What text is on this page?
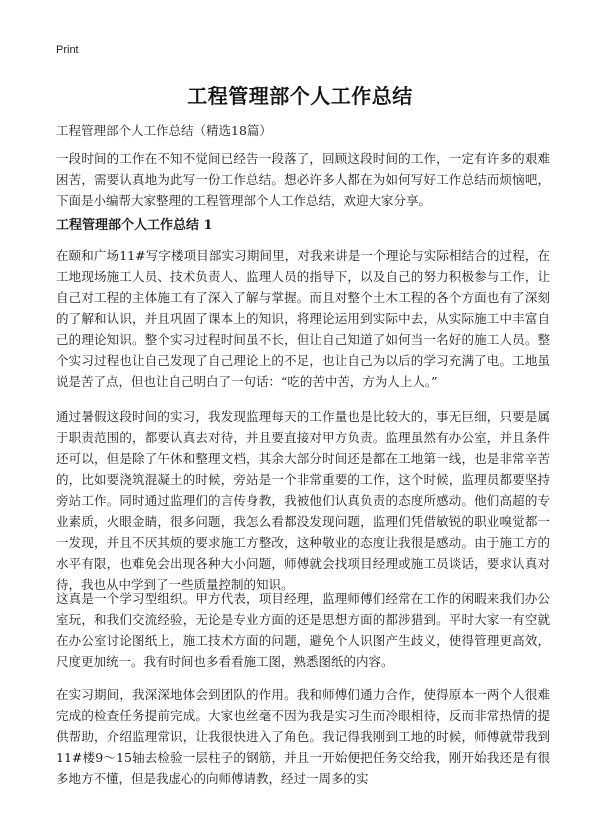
Print
工程管理部个人工作总结
工程管理部个人工作总结（精选18篇）

一段时间的工作在不知不觉间已经告一段落了，回顾这段时间的工作，一定有许多的艰难困苦，需要认真地为此写一份工作总结。想必许多人都在为如何写好工作总结而烦恼吧，下面是小编帮大家整理的工程管理部个人工作总结，欢迎大家分享。

工程管理部个人工作总结 1

在颐和广场11#写字楼项目部实习期间里，对我来讲是一个理论与实际相结合的过程，在工地现场施工人员、技术负责人、监理人员的指导下，以及自己的努力积极参与工作，让自己对工程的主体施工有了深入了解与掌握。而且对整个土木工程的各个方面也有了深刻的了解和认识，并且巩固了课本上的知识，将理论运用到实际中去，从实际施工中丰富自己的理论知识。整个实习过程时间虽不长，但让自己知道了如何当一名好的施工人员。整个实习过程也让自己发现了自己理论上的不足，也让自己为以后的学习充满了电。工地虽说是苦了点，但也让自己明白了一句话：“吃的苦中苦，方为人上人。”

通过暑假这段时间的实习，我发现监理每天的工作量也是比较大的，事无巨细，只要是属于职责范围的，都要认真去对待，并且要直接对甲方负责。监理虽然有办公室，并且条件还可以，但是除了午休和整理文档，其余大部分时间还是都在工地第一线，也是非常辛苦的，比如要浇筑混凝土的时候，旁站是一个非常重要的工作，这个时候，监理员都要坚持旁站工作。同时通过监理们的言传身教，我被他们认真负责的态度所感动。他们高超的专业素质，火眼金睛，很多问题，我怎么看都没发现问题，监理们凭借敏锐的职业嗅觉都一一发现，并且不厌其烦的要求施工方整改，这种敬业的态度让我很是感动。由于施工方的水平有限，也难免会出现各种大小问题，师傅就会找项目经理或施工员谈话，要求认真对待，我也从中学到了一些质量控制的知识。

这真是一个学习型组织。甲方代表，项目经理，监理师傅们经常在工作的闲暇来我们办公室玩，和我们交流经验，无论是专业方面的还是思想方面的都涉猎到。平时大家一有空就在办公室讨论图纸上，施工技术方面的问题，避免个人识图产生歧义，使得管理更高效，尺度更加统一。我有时间也多看看施工图，熟悉图纸的内容。

在实习期间，我深深地体会到团队的作用。我和师傅们通力合作，使得原本一两个人很难完成的检查任务提前完成。大家也丝毫不因为我是实习生而冷眼相待，反而非常热情的提供帮助，介绍监理常识，让我很快进入了角色。我记得我刚到工地的时候，师傅就带我到11#楼9～15轴去检验一层柱子的钢筋，并且一开始便把任务交给我，刚开始我还是有很多地方不懂，但是我虚心的向师傅请教，经过一周多的实
